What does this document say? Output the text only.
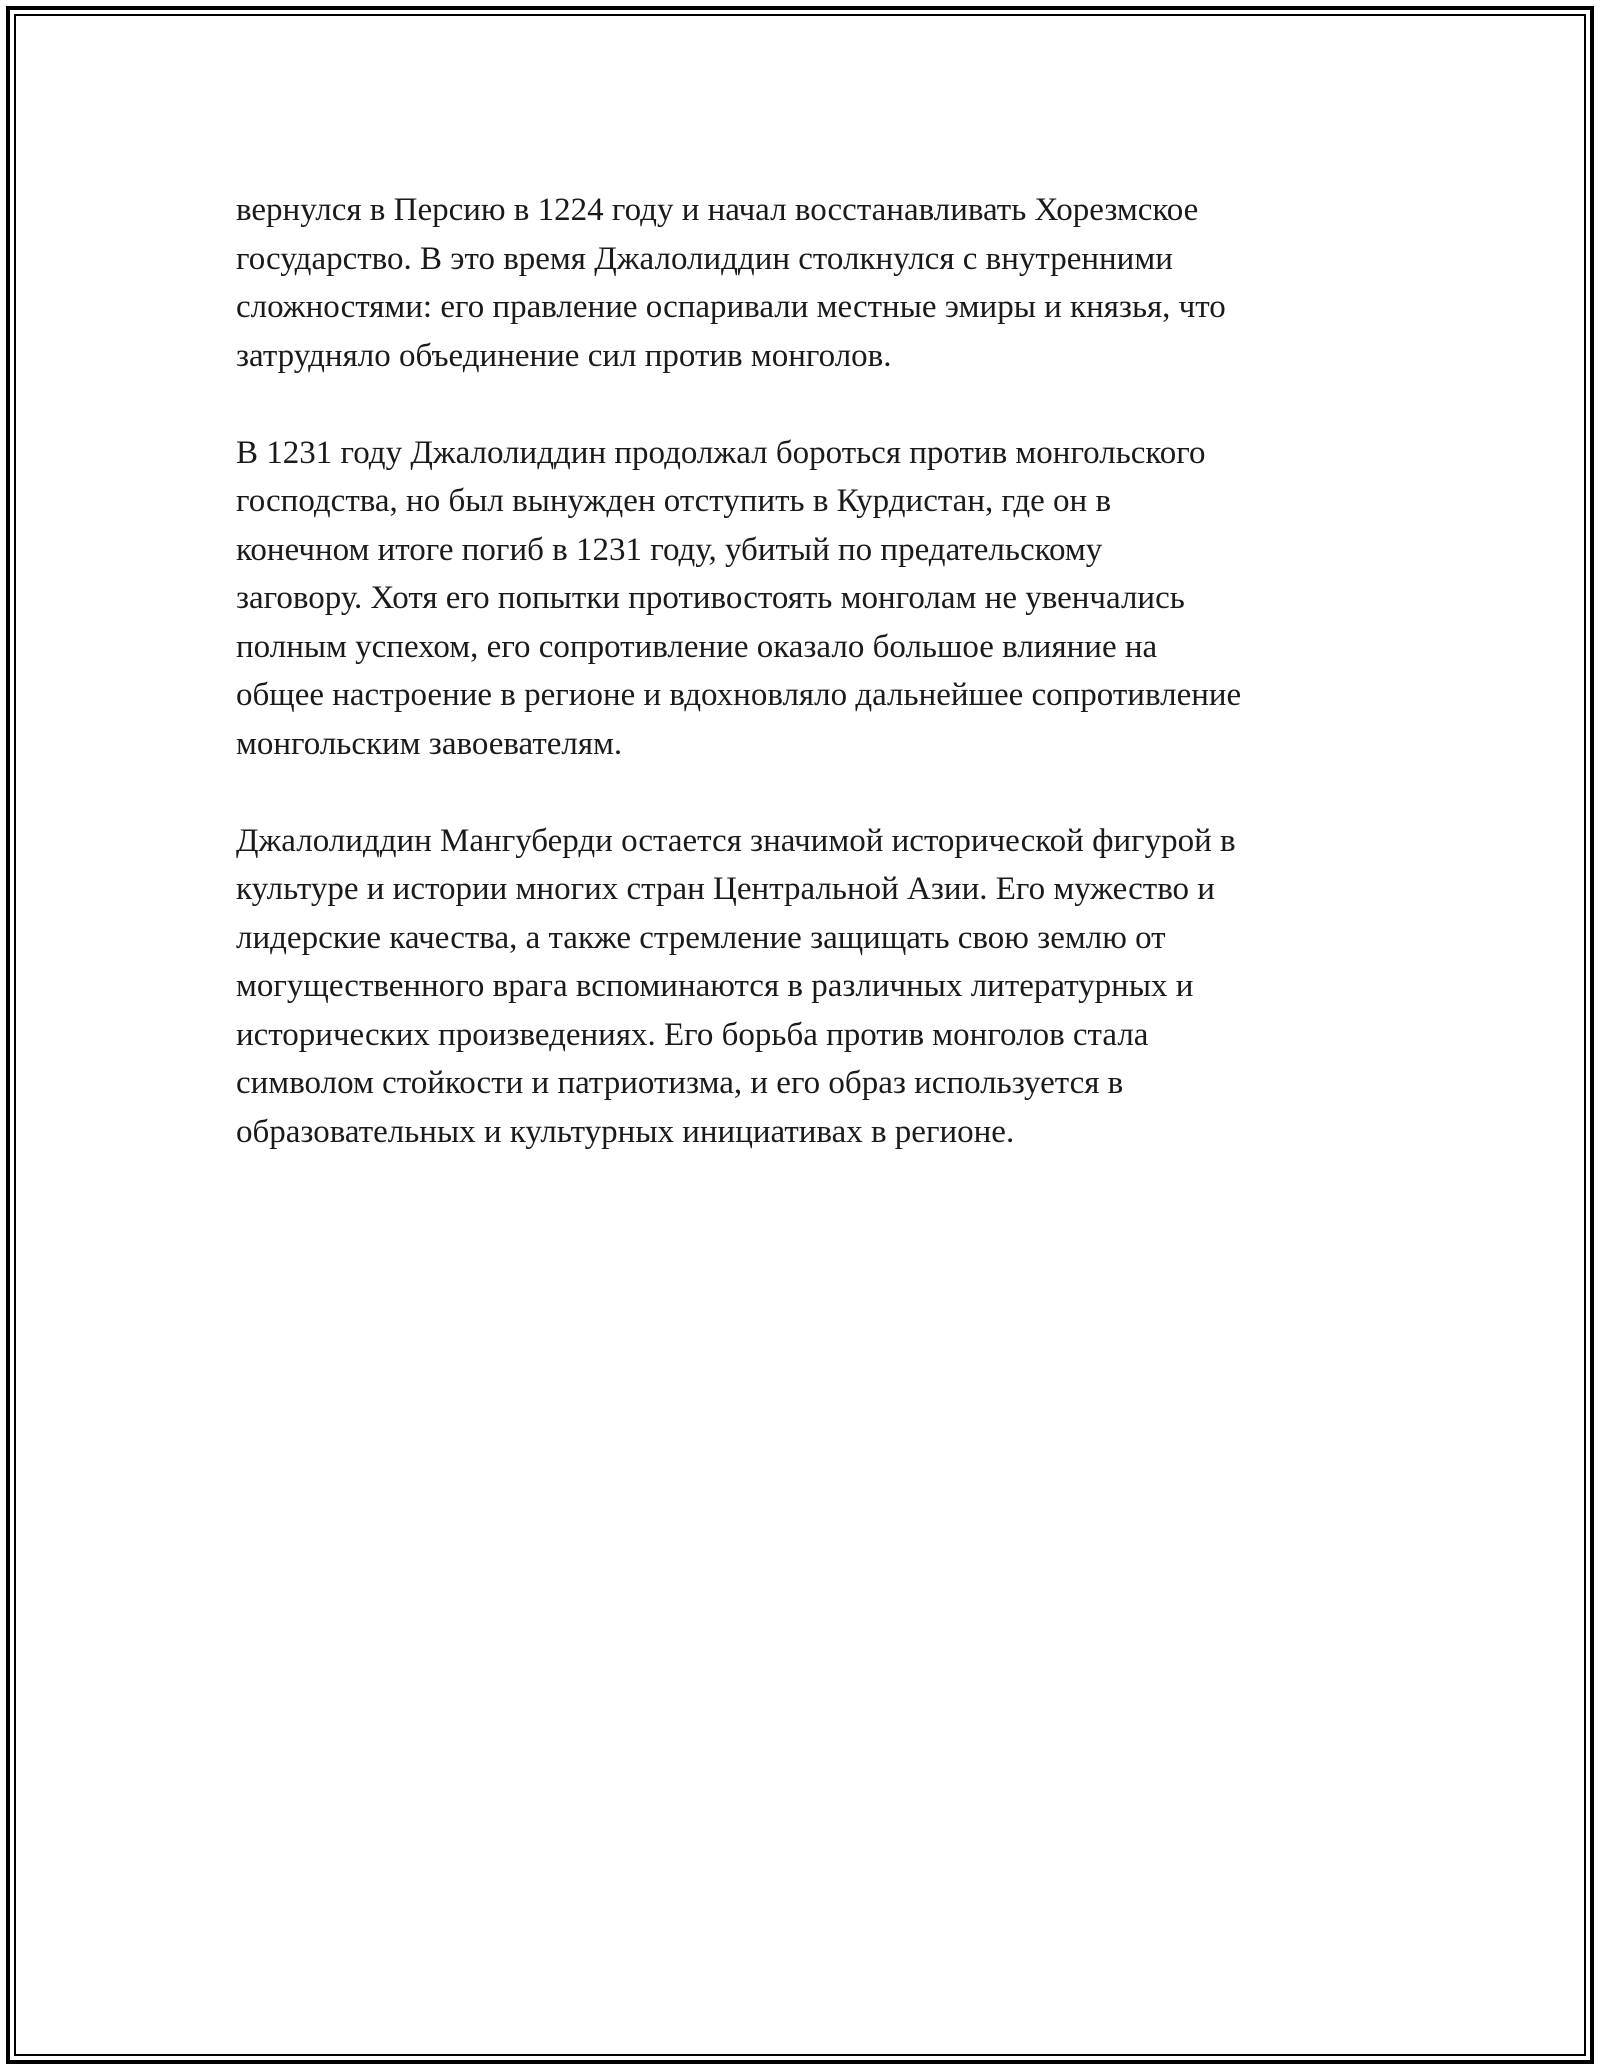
вернулся в Персию в 1224 году и начал восстанавливать Хорезмское
государство. В это время Джалолиддин столкнулся с внутренними
сложностями: его правление оспаривали местные эмиры и князья, что
затрудняло объединение сил против монголов.

В 1231 году Джалолиддин продолжал бороться против монгольского
господства, но был вынужден отступить в Курдистан, где он в
конечном итоге погиб в 1231 году, убитый по предательскому
заговору. Хотя его попытки противостоять монголам не увенчались
полным успехом, его сопротивление оказало большое влияние на
общее настроение в регионе и вдохновляло дальнейшее сопротивление
монгольским завоевателям.

Джалолиддин Мангуберди остается значимой исторической фигурой в
культуре и истории многих стран Центральной Азии. Его мужество и
лидерские качества, а также стремление защищать свою землю от
могущественного врага вспоминаются в различных литературных и
исторических произведениях. Его борьба против монголов стала
символом стойкости и патриотизма, и его образ используется в
образовательных и культурных инициативах в регионе.
